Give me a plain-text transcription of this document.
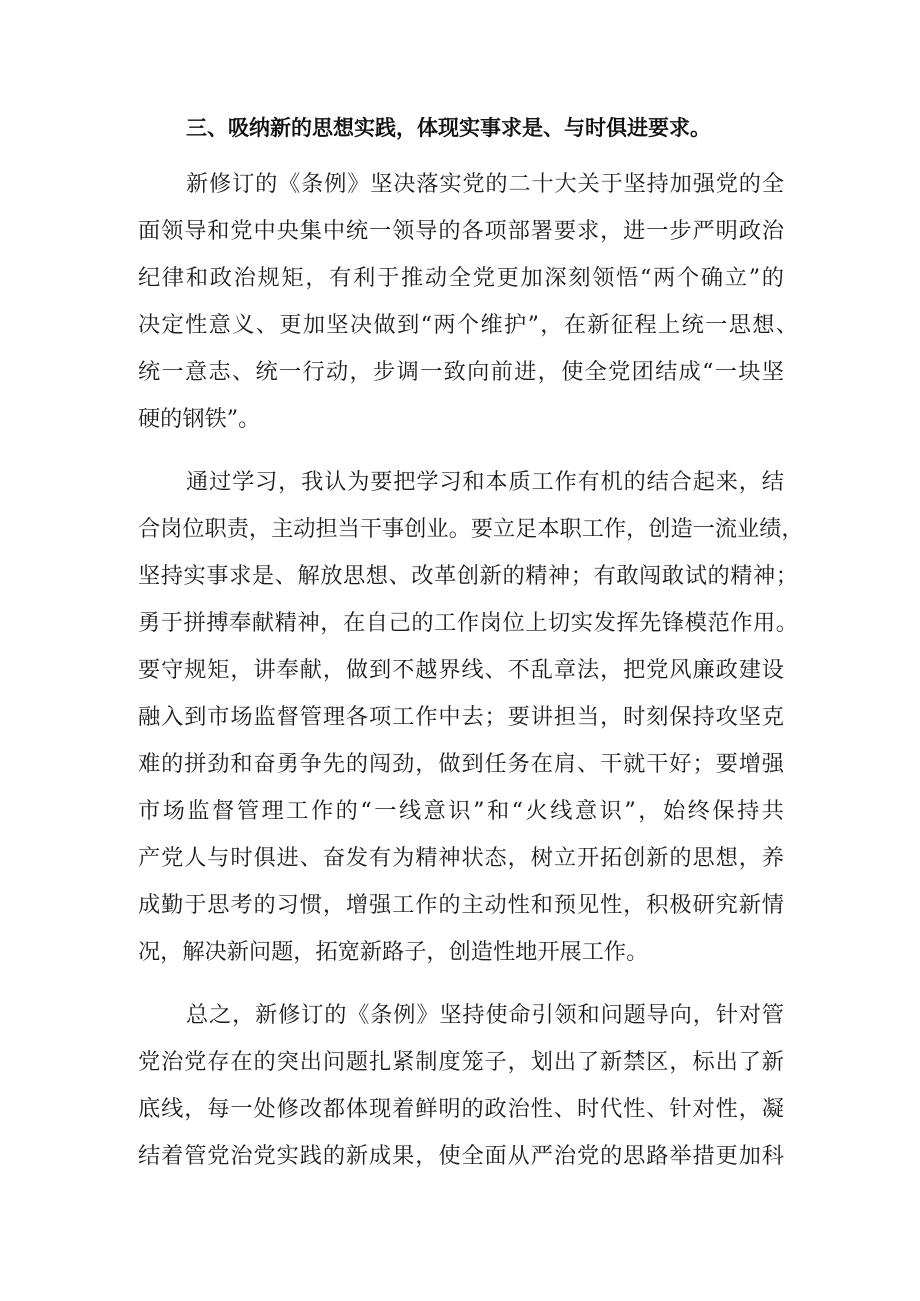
三、吸纳新的思想实践，体现实事求是、与时俱进要求。
新修订的《条例》坚决落实党的二十大关于坚持加强党的全
面领导和党中央集中统一领导的各项部署要求，进一步严明政治
纪律和政治规矩，有利于推动全党更加深刻领悟“两个确立”的
决定性意义、更加坚决做到“两个维护”，在新征程上统一思想、
统一意志、统一行动，步调一致向前进，使全党团结成“一块坚
硬的钢铁”。
通过学习，我认为要把学习和本质工作有机的结合起来，结
合岗位职责，主动担当干事创业。要立足本职工作，创造一流业绩，
坚持实事求是、解放思想、改革创新的精神；有敢闯敢试的精神；
勇于拼搏奉献精神，在自己的工作岗位上切实发挥先锋模范作用。
要守规矩，讲奉献，做到不越界线、不乱章法，把党风廉政建设
融入到市场监督管理各项工作中去；要讲担当，时刻保持攻坚克
难的拼劲和奋勇争先的闯劲，做到任务在肩、干就干好；要增强
市场监督管理工作的“一线意识”和“火线意识”，始终保持共
产党人与时俱进、奋发有为精神状态，树立开拓创新的思想，养
成勤于思考的习惯，增强工作的主动性和预见性，积极研究新情
况，解决新问题，拓宽新路子，创造性地开展工作。
总之，新修订的《条例》坚持使命引领和问题导向，针对管
党治党存在的突出问题扎紧制度笼子，划出了新禁区，标出了新
底线，每一处修改都体现着鲜明的政治性、时代性、针对性，凝
结着管党治党实践的新成果，使全面从严治党的思路举措更加科
